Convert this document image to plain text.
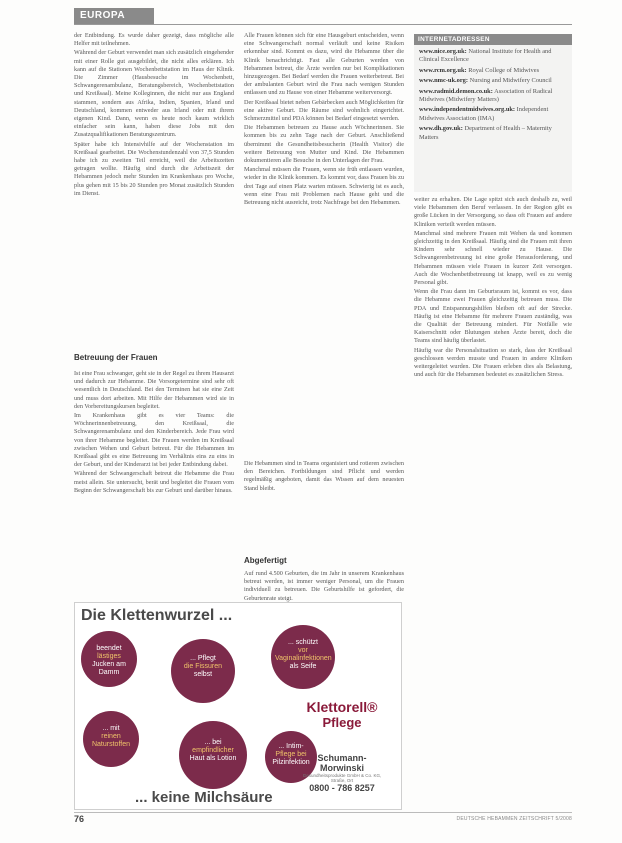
EUROPA

der Entbindung. Es wurde daher gezeigt, dass mögliche alle Helfer mit teilnehmen.

Während der Geburt verwendet man sich zusätzlich eingehender mit einer Rolle gut ausgebildet, die nicht alles erklären. Ich kann auf die Stationen Wochenbettstation im Haus der Klinik. Die Zimmer (Hausbesuche im Wochenbett, Schwangerenambulanz, Beratungsbereich, Wochenbettstation und Kreißsaal). Meine Kolleginnen, die nicht nur aus England stammen, sondern aus Afrika, Indien, Spanien, Irland und Deutschland, kommen entweder aus Irland oder mit ihrem eigenen Kind. Dann, wenn es heute noch kaum wirklich einfacher sein kann, haben diese Jobs mit den Zusatzqualifikationen Beratungszentrum.

Später habe ich Intensivhilfe auf der Wochenstation im Kreißsaal gearbeitet. Die Wochenstundenzahl von 37,5 Stunden habe ich zu zweiten Teil erreicht, weil die Arbeitszeiten getragen wollte. Häufig sind durch die Arbeitszeit der Hebammen jedoch mehr Stunden im Krankenhaus pro Woche, plus gehen mit 15 bis 20 Stunden pro Monat zusätzlich Stunden im Dienst.

Betreuung der Frauen

Ist eine Frau schwanger, geht sie in der Regel zu ihrem Hausarzt und dadurch zur Hebamme. Die Vorsorgetermine sind sehr oft wesentlich in Deutschland. Bei den Terminen hat sie eine Zeit und muss dort arbeiten. Mit Hilfe der Hebammen wird sie in den Vorbereitungskursen begleitet.

Im Krankenhaus gibt es vier Teams: die Wöchnerinnenbetreuung, den Kreißsaal, die Schwangerenambulanz und den Kinderbereich. Jede Frau wird von ihrer Hebamme begleitet. Die Frauen werden im Kreißsaal zwischen Wehen und Geburt betreut. Für die Hebammen im Kreißsaal gibt es eine Betreuung im Verhältnis eins zu eins in der Geburt, und der Kinderarzt ist bei jeder Entbindung dabei.

Während der Schwangerschaft betreut die Hebamme die Frau meist allein. Sie untersucht, berät und begleitet die Frauen vom Beginn der Schwangerschaft bis zur Geburt und darüber hinaus.

Alle Frauen können sich für eine Hausgeburt entscheiden, wenn eine Schwangerschaft normal verläuft und keine Risiken erkennbar sind. Kommt es dazu, wird die Hebamme über die Klinik benachrichtigt. Fast alle Geburten werden von Hebammen betreut, die Ärzte werden nur bei Komplikationen hinzugezogen. Bei Bedarf werden die Frauen weiterbetreut. Bei der ambulanten Geburt wird die Frau nach wenigen Stunden entlassen und zu Hause von einer Hebamme weiterversorgt.

Der Kreißsaal bietet neben Gebärbecken auch Möglichkeiten für eine aktive Geburt. Die Räume sind wohnlich eingerichtet. Schmerzmittel und PDA können bei Bedarf eingesetzt werden.

Die Hebammen betreuen zu Hause auch Wöchnerinnen. Sie kommen bis zu zehn Tage nach der Geburt. Anschließend übernimmt die Gesundheitsbesucherin (Health Visitor) die weitere Betreuung von Mutter und Kind. Die Hebammen dokumentieren alle Besuche in den Unterlagen der Frau.

Manchmal müssen die Frauen, wenn sie früh entlassen wurden, wieder in die Klinik kommen. Es kommt vor, dass Frauen bis zu drei Tage auf einen Platz warten müssen. Schwierig ist es auch, wenn eine Frau mit Problemen nach Hause geht und die Betreuung nicht ausreicht, trotz Nachfrage bei den Hebammen.

Die Hebammen sind in Teams organisiert und rotieren zwischen den Bereichen. Fortbildungen sind Pflicht und werden regelmäßig angeboten, damit das Wissen auf dem neuesten Stand bleibt.

Abgefertigt

Auf rund 4.500 Geburten, die im Jahr in unserem Krankenhaus betreut werden, ist immer weniger Personal, um die Frauen individuell zu betreuen. Die Geburtshilfe ist gefordert, die Geburtenrate steigt.

INTERNETADRESSEN
www.nice.org.uk: National Institute for Health and Clinical Excellence
www.rcm.org.uk: Royal College of Midwives
www.nmc-uk.org: Nursing and Midwifery Council
www.radmid.demon.co.uk: Association of Radical Midwives (Midwifery Matters)
www.independentmidwives.org.uk: Independent Midwives Association (IMA)
www.dh.gov.uk: Department of Health – Maternity Matters

weiter zu erhalten. Die Lage spitzt sich auch deshalb zu, weil viele Hebammen den Beruf verlassen. In der Region gibt es große Lücken in der Versorgung, so dass oft Frauen auf andere Kliniken verteilt werden müssen.

Manchmal sind mehrere Frauen mit Wehen da und kommen gleichzeitig in den Kreißsaal. Häufig sind die Frauen mit ihren Kindern sehr schnell wieder zu Hause. Die Schwangerenbetreuung ist eine große Herausforderung, und Hebammen müssen viele Frauen in kurzer Zeit versorgen. Auch die Wochenbettbetreuung ist knapp, weil es zu wenig Personal gibt.

Wenn die Frau dann im Geburtsraum ist, kommt es vor, dass die Hebamme zwei Frauen gleichzeitig betreuen muss. Die PDA und Entspannungshilfen bleiben oft auf der Strecke. Häufig ist eine Hebamme für mehrere Frauen zuständig, was die Qualität der Betreuung mindert. Für Notfälle wie Kaiserschnitt oder Blutungen stehen Ärzte bereit, doch die Teams sind häufig überlastet.

Häufig war die Personalsituation so stark, dass der Kreißsaal geschlossen werden musste und Frauen in andere Kliniken weitergeleitet wurden. Die Frauen erleben dies als Belastung, und auch für die Hebammen bedeutet es zusätzlichen Stress.

Die Klettenwurzel ...
beendet
lästiges
Jucken am Damm
... Pflegt
die Fissuren
selbst
... schützt
vor Vaginalinfektionen
als Seife
... bei
empfindlicher
Haut als Lotion
... mit
reinen Naturstoffen	... Intim-
Pflege bei
Pilzinfektion
Klettorell®
Pflege
Schumann-Morwinski
Gesundheitsprodukte GmbH & Co. KG, Straße, Ort
0800 - 786 8257
... keine Milchsäure
76	DEUTSCHE HEBAMMEN ZEITSCHRIFT 5/2008
